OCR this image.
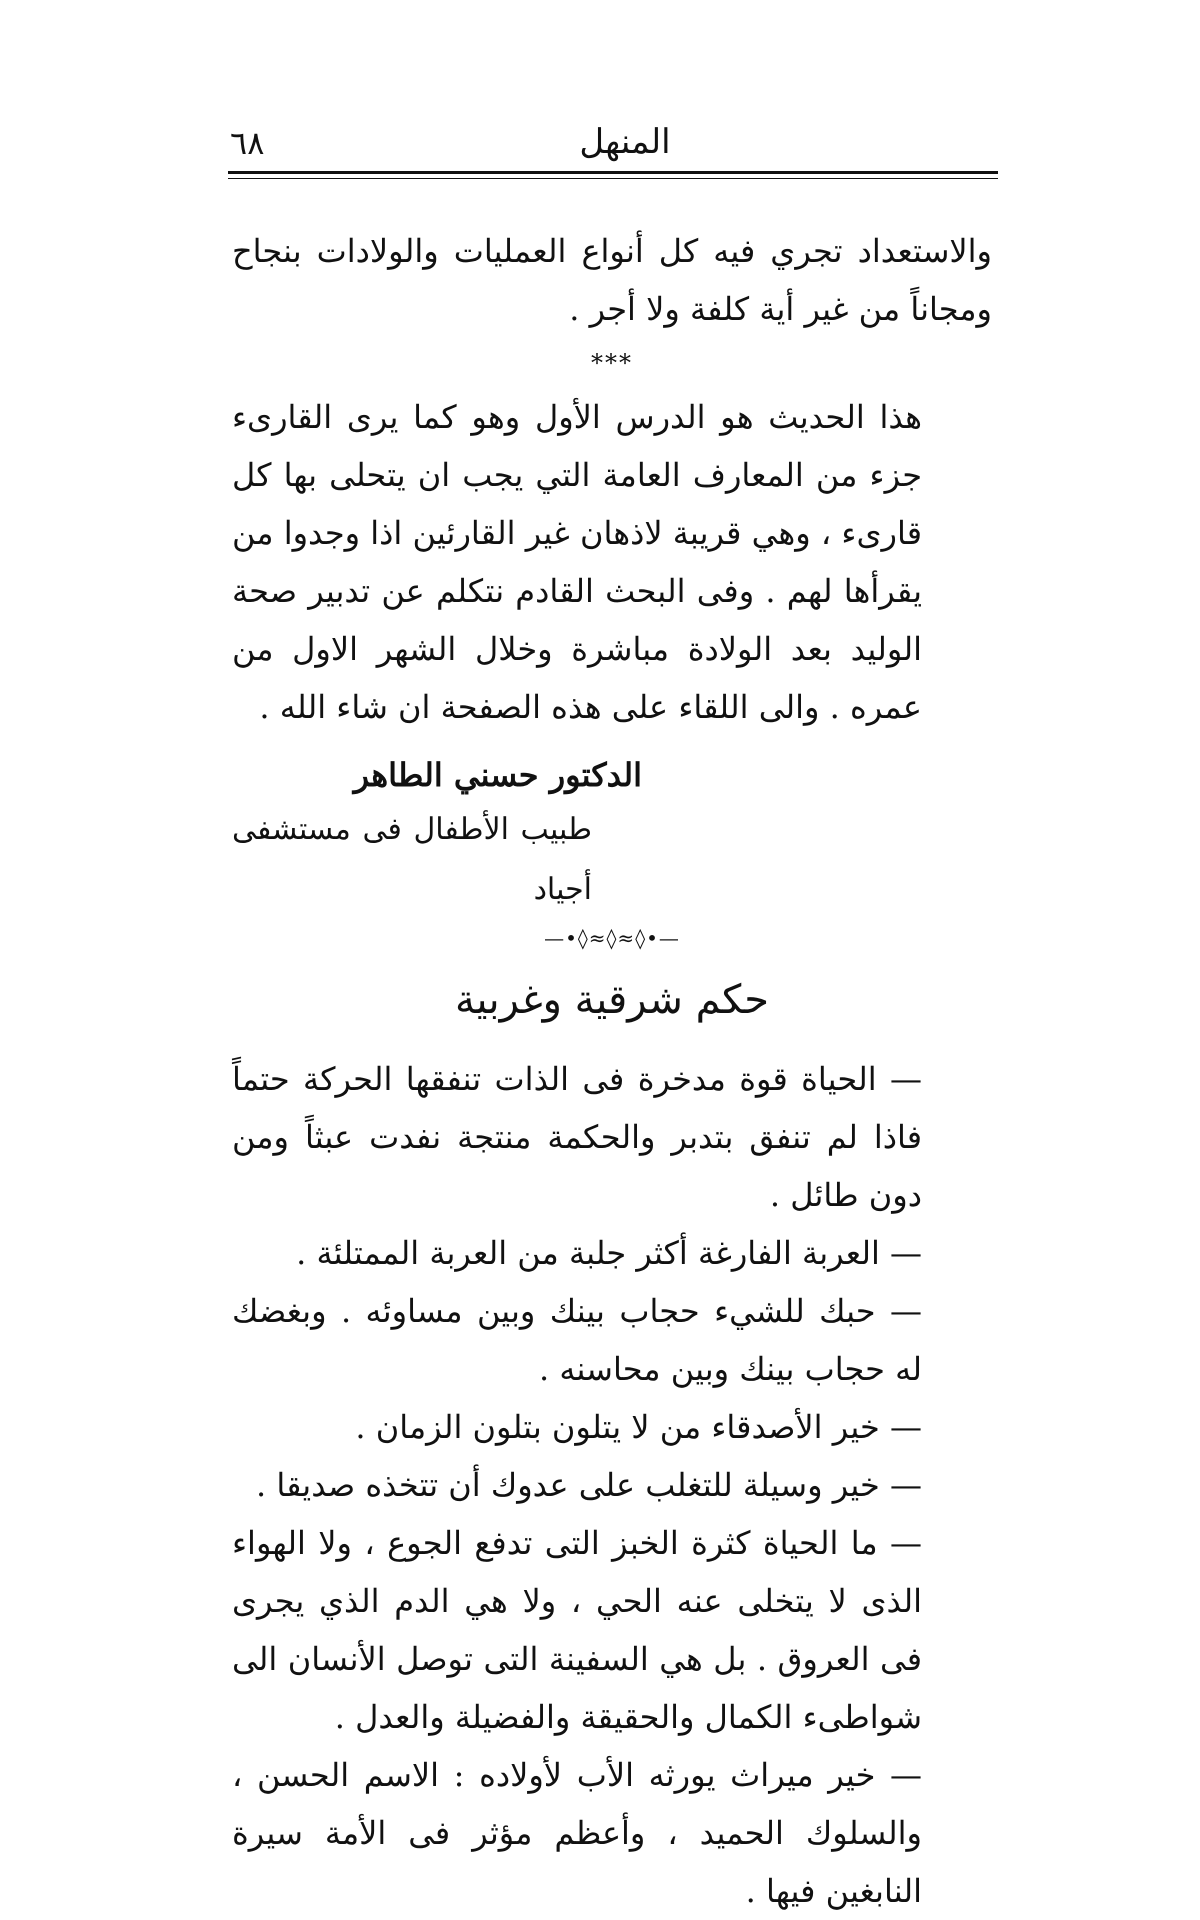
٦٨	المنهل

والاستعداد تجري فيه كل أنواع العمليات والولادات بنجاح ومجاناً من غير أية كلفة ولا أجر .

***

هذا الحديث هو الدرس الأول وهو كما يرى القارىء جزء من المعارف العامة التي يجب ان يتحلى بها كل قارىء ، وهي قريبة لاذهان غير القارئين اذا وجدوا من يقرأها لهم . وفى البحث القادم نتكلم عن تدبير صحة الوليد بعد الولادة مباشرة وخلال الشهر الاول من عمره . والى اللقاء على هذه الصفحة ان شاء الله .

الدكتور حسني الطاهر
طبيب الأطفال فى مستشفى أجياد
—•◊≈◊≈◊•—
حكم شرقية وغربية

— الحياة قوة مدخرة فى الذات تنفقها الحركة حتماً فاذا لم تنفق بتدبر والحكمة منتجة نفدت عبثاً ومن دون طائل .

— العربة الفارغة أكثر جلبة من العربة الممتلئة .

— حبك للشيء حجاب بينك وبين مساوئه . وبغضك له حجاب بينك وبين محاسنه .

— خير الأصدقاء من لا يتلون بتلون الزمان .

— خير وسيلة للتغلب على عدوك أن تتخذه صديقا .

— ما الحياة كثرة الخبز التى تدفع الجوع ، ولا الهواء الذى لا يتخلى عنه الحي ، ولا هي الدم الذي يجرى فى العروق . بل هي السفينة التى توصل الأنسان الى شواطىء الكمال والحقيقة والفضيلة والعدل .

— خير ميراث يورثه الأب لأولاده : الاسم الحسن ، والسلوك الحميد ، وأعظم مؤثر فى الأمة سيرة النابغين فيها .
